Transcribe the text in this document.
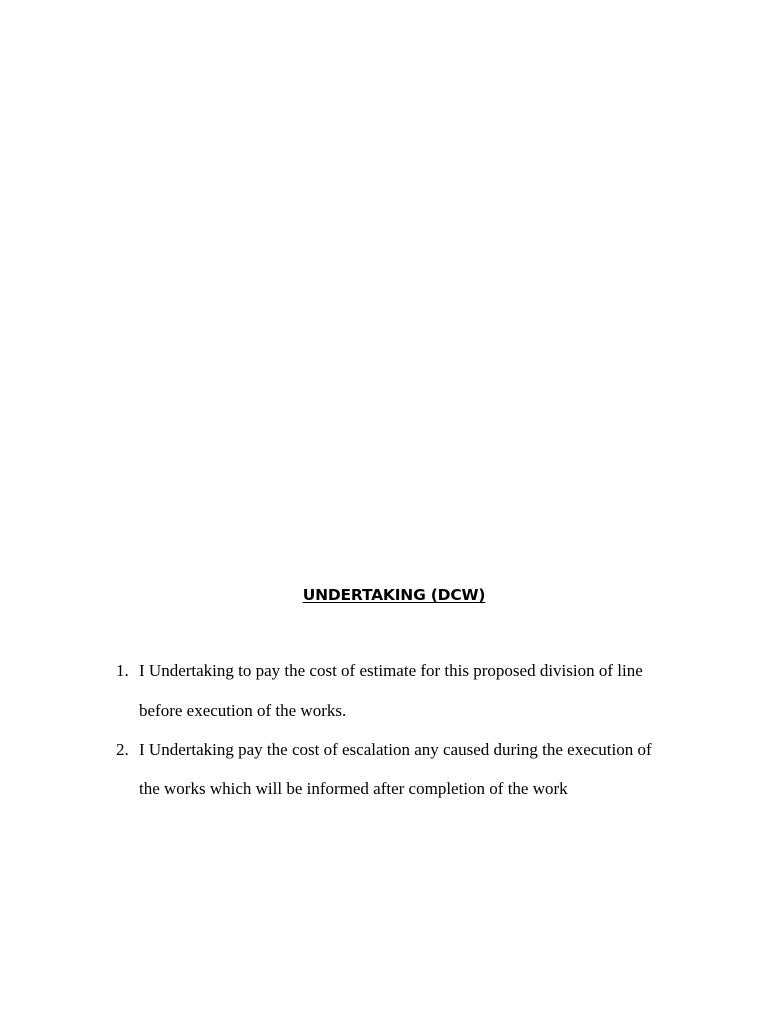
UNDERTAKING (DCW)
1. I Undertaking to pay the cost of estimate for this proposed division of line
before execution of the works.
2. I Undertaking pay the cost of escalation any caused during the execution of
the works which will be informed after completion of the work
